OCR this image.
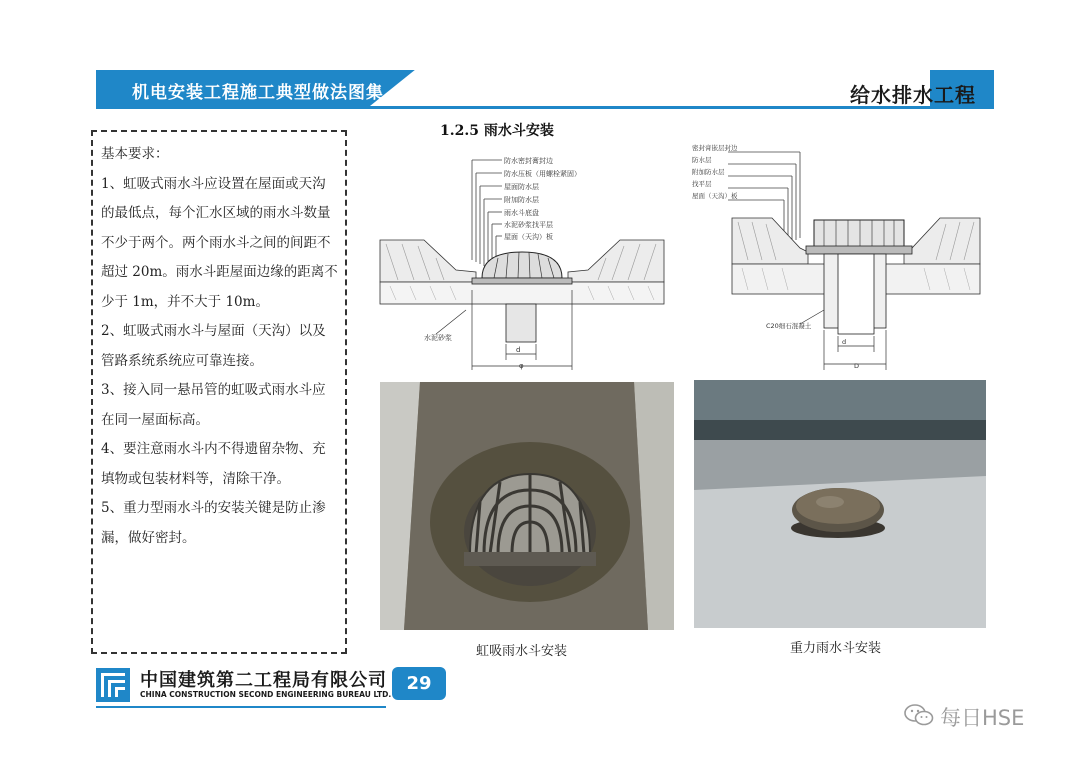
机电安装工程施工典型做法图集	给水排水工程

基本要求：

1、虹吸式雨水斗应设置在屋面或天沟的最低点，每个汇水区域的雨水斗数量不少于两个。两个雨水斗之间的间距不超过 20m。雨水斗距屋面边缘的距离不少于 1m，并不大于 10m。

2、虹吸式雨水斗与屋面（天沟）以及管路系统系统应可靠连接。

3、接入同一悬吊管的虹吸式雨水斗应在同一屋面标高。

4、要注意雨水斗内不得遗留杂物、充填物或包装材料等，清除干净。

5、重力型雨水斗的安装关键是防止渗漏，做好密封。

1.2.5 雨水斗安装
防水密封膏封边
防水压板（用螺栓紧固）
屋面防水层
附加防水层
雨水斗底盘
水泥砂浆找平层
屋面（天沟）板
水泥砂浆
d
φ
密封膏嵌层封边
防水层
附加防水层
找平层
屋面（天沟）板
C20细石混凝土
d
D
虹吸雨水斗安装	重力雨水斗安装
中国建筑第二工程局有限公司
CHINA CONSTRUCTION SECOND ENGINEERING BUREAU LTD.
29
每日HSE
